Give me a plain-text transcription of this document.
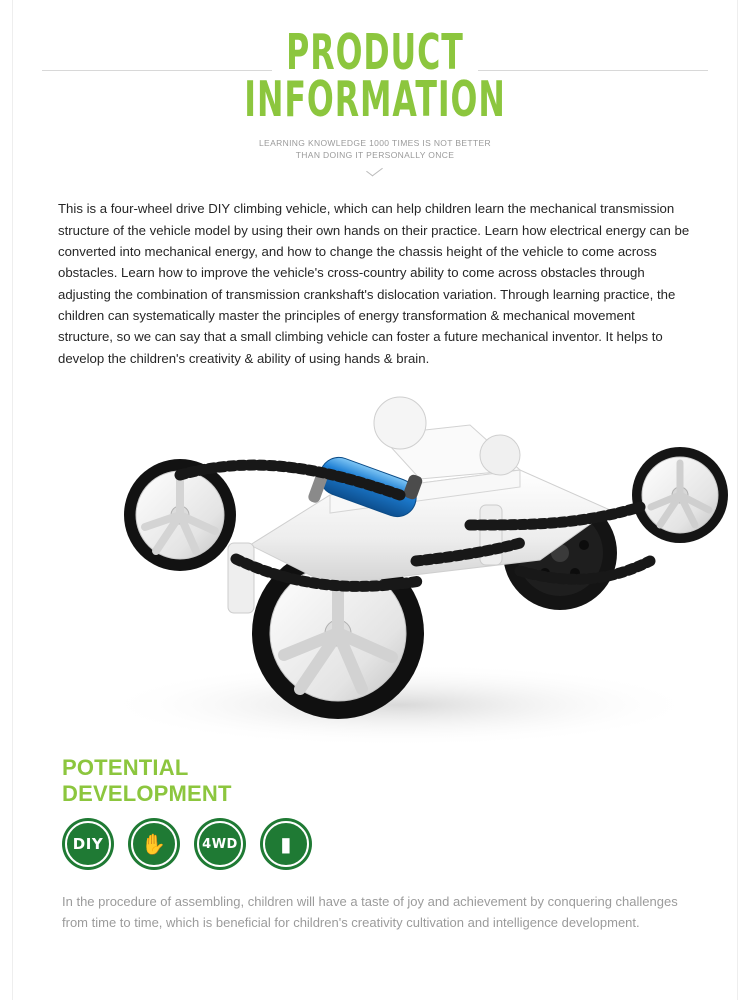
PRODUCT
INFORMATION
LEARNING KNOWLEDGE 1000 TIMES IS NOT BETTER
THAN DOING IT PERSONALLY ONCE

This is a four-wheel drive DIY climbing vehicle, which can help children learn the mechanical transmission structure of the vehicle model by using their own hands on their practice. Learn how electrical energy can be converted into mechanical energy, and how to change the chassis height of the vehicle to come across obstacles. Learn how to improve the vehicle's cross-country ability to come across obstacles through adjusting the combination of transmission crankshaft's dislocation variation. Through learning practice, the children can systematically master the principles of energy transformation & mechanical movement structure, so we can say that a small climbing vehicle can foster a future mechanical inventor. It helps to develop the children's creativity & ability of using hands & brain.

POTENTIAL
DEVELOPMENT
DIY ✋	4WD ▮

In the procedure of assembling, children will have a taste of joy and achievement by conquering challenges from time to time, which is beneficial for children's creativity cultivation and intelligence development.
